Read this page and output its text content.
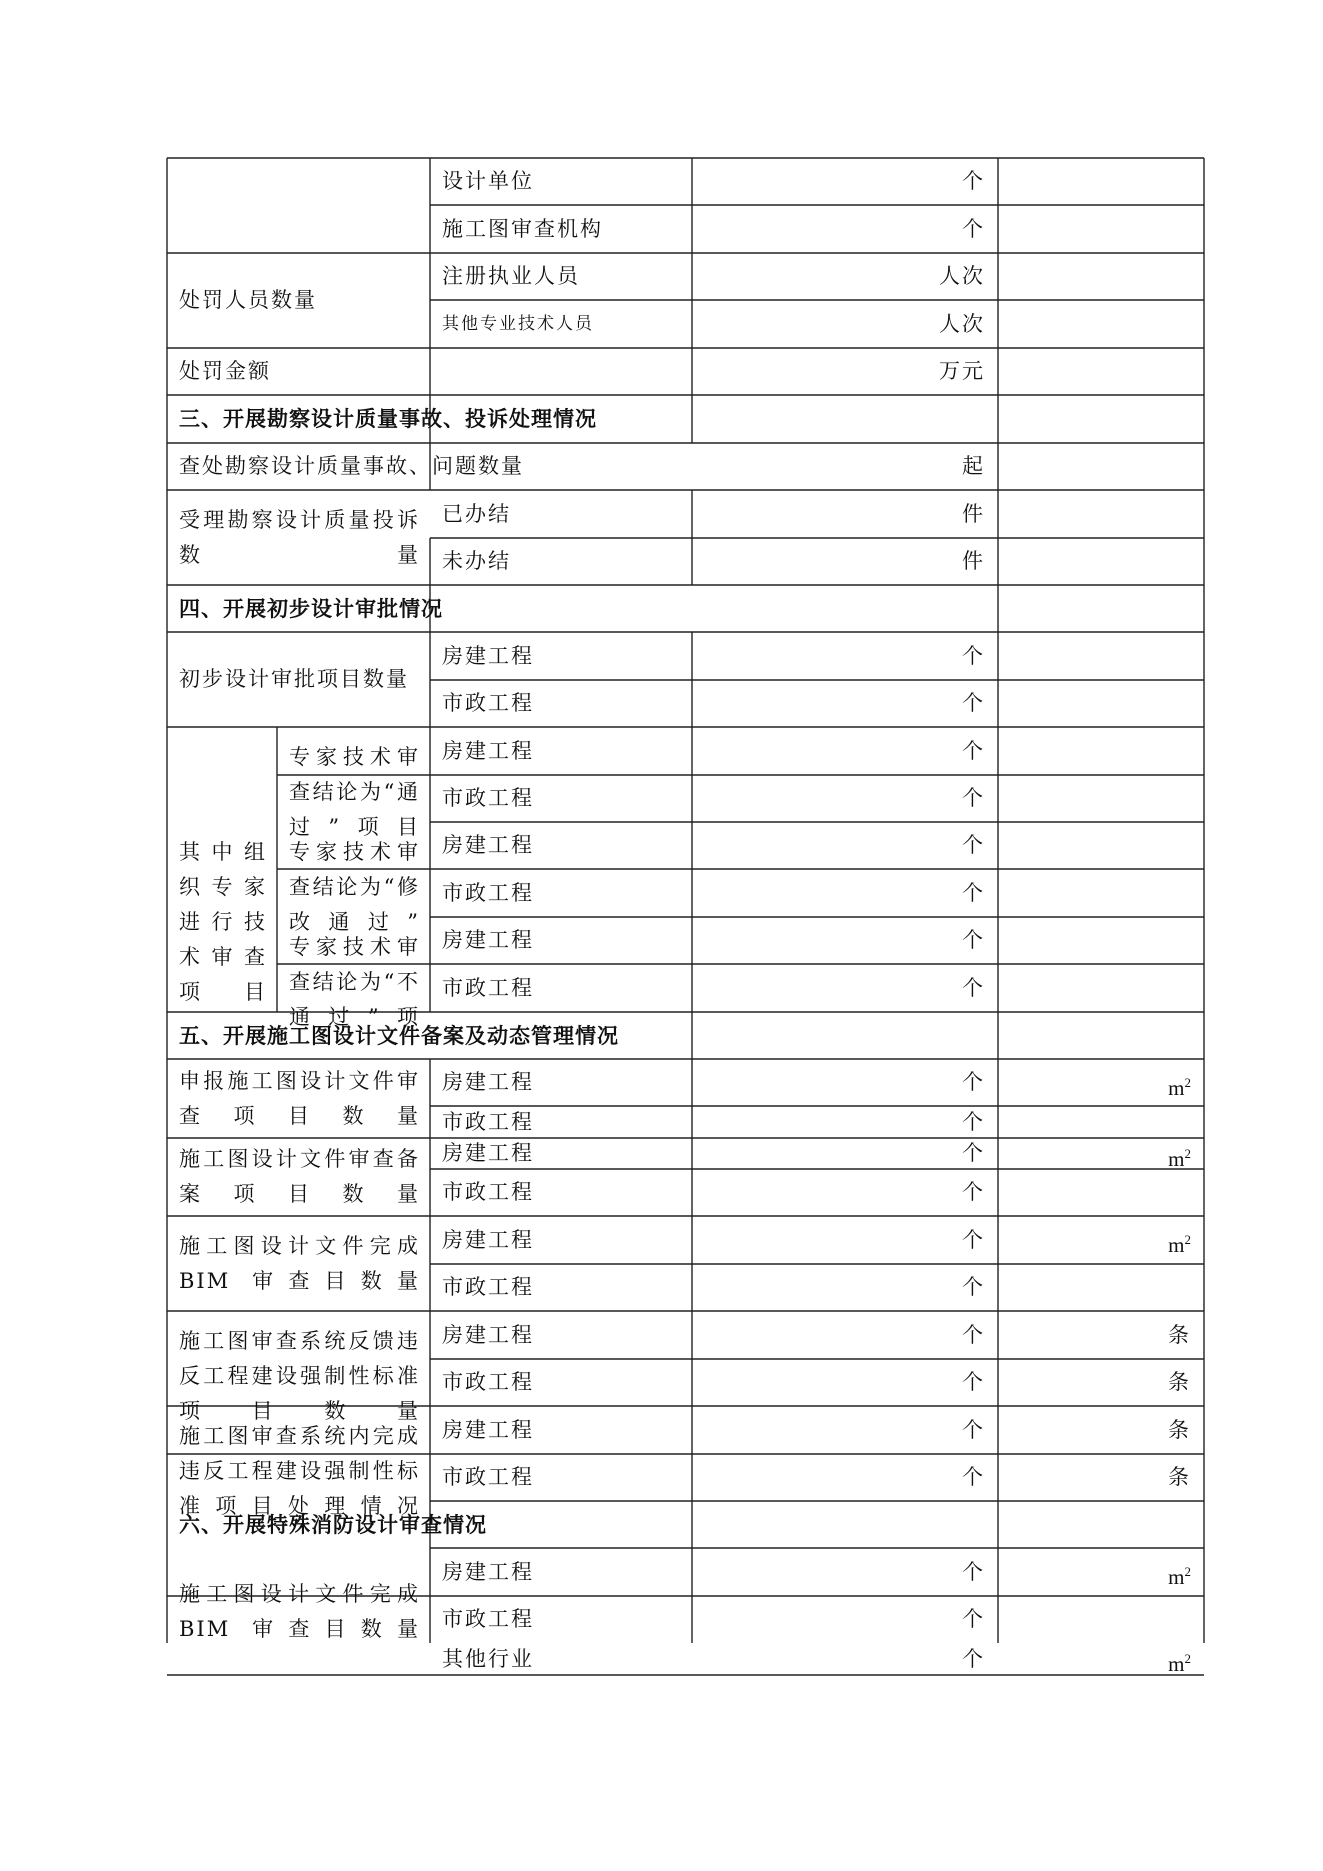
设计单位
施工图审查机构
处罚人员数量
注册执业人员
其他专业技术人员
处罚金额
三、开展勘察设计质量事故、投诉处理情况
查处勘察设计质量事故、问题数量
受理勘察设计质量投诉数量
已办结
未办结
四、开展初步设计审批情况
初步设计审批项目数量
房建工程
市政工程
其中组织专家进行技术审查项目
专家技术审查结论为“通过”项目
专家技术审查结论为“修改通过”
专家技术审查结论为“不通过”项
房建工程
市政工程
房建工程
市政工程
房建工程
市政工程
五、开展施工图设计文件备案及动态管理情况
申报施工图设计文件审查项目数量
房建工程
市政工程
施工图设计文件审查备案项目数量
房建工程
市政工程
施工图设计文件完成BIM 审查目数量
房建工程
市政工程
施工图审查系统反馈违反工程建设强制性标准项目数量
房建工程
市政工程
施工图审查系统内完成违反工程建设强制性标准项目处理情况
房建工程
市政工程
六、开展特殊消防设计审查情况
施工图设计文件完成BIM 审查目数量
房建工程
市政工程
其他行业
个
个
人次
人次
万元
起
件
件
个
个
个
个
个
个
个
个
个
个
个
个
个
个
个
个
个
个
个
个
个
$m^2$
$m^2$
$m^2$
条
条
条
条
$m^2$
$m^2$
